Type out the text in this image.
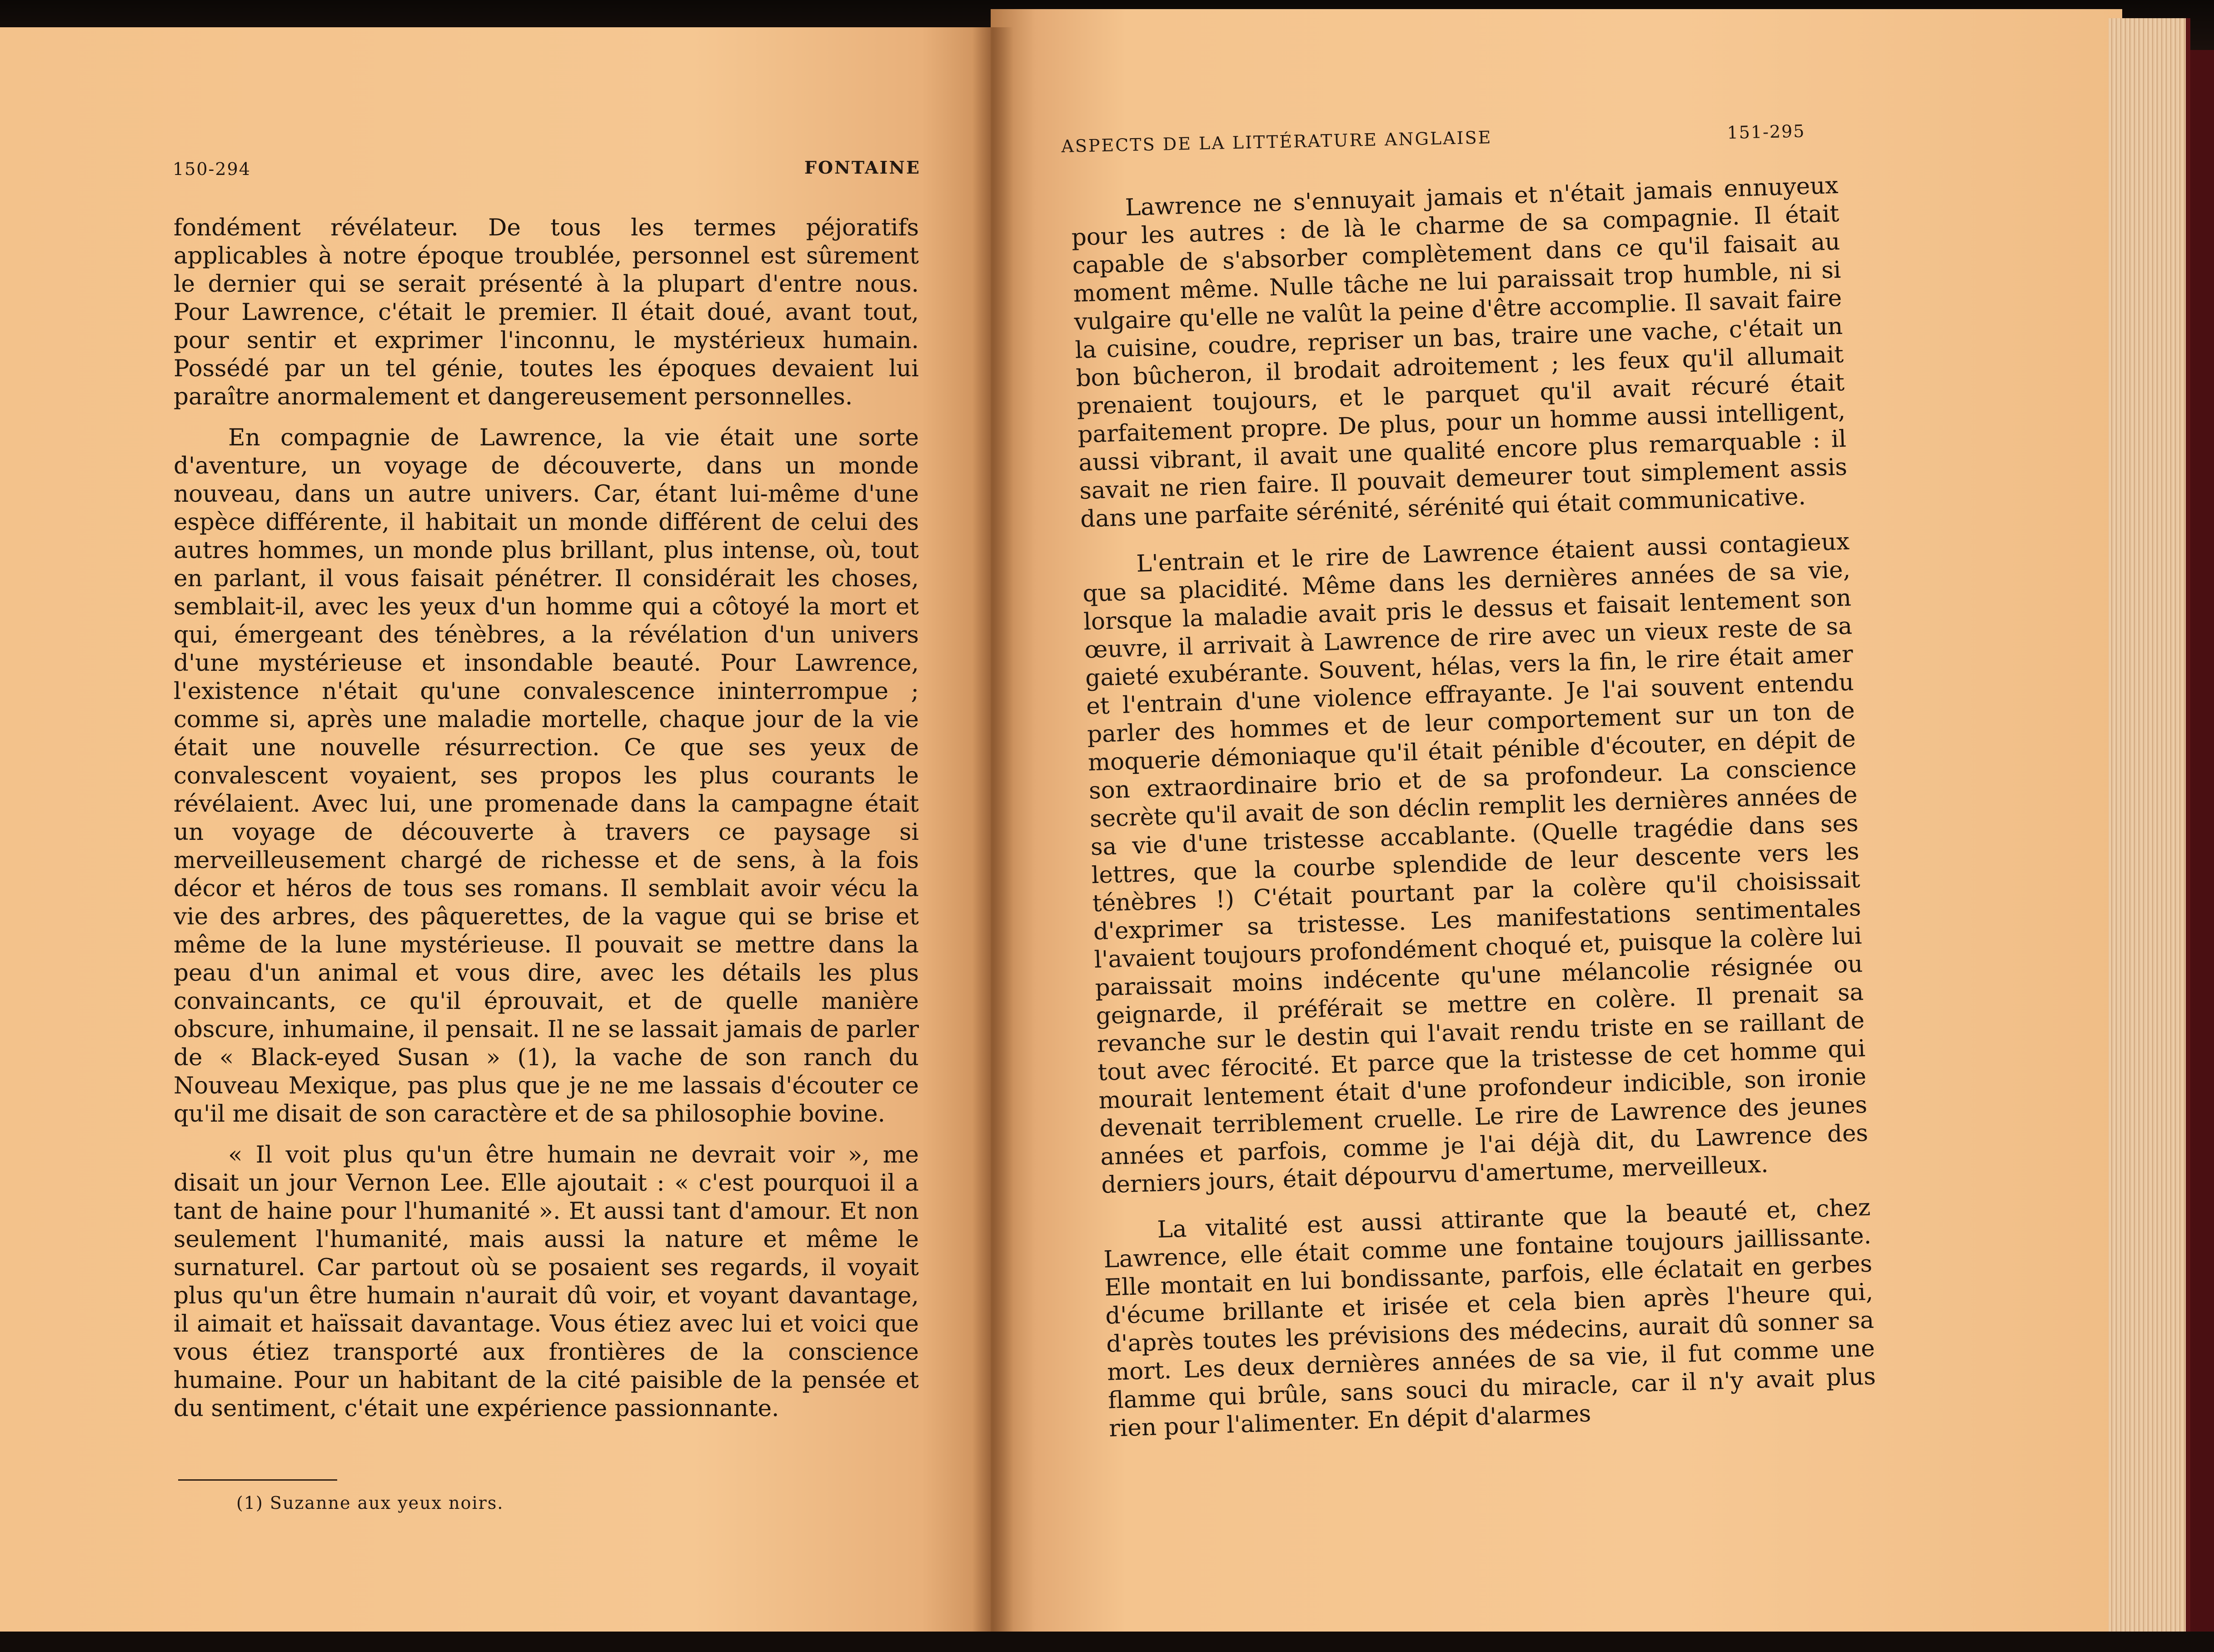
150-294	FONTAINE

fondément révélateur. De tous les termes péjoratifs applicables à notre époque troublée, personnel est sûrement le dernier qui se serait présenté à la plupart d'entre nous. Pour Lawrence, c'était le premier. Il était doué, avant tout, pour sentir et exprimer l'inconnu, le mystérieux humain. Possédé par un tel génie, toutes les époques devaient lui paraître anormalement et dangereusement personnelles.

En compagnie de Lawrence, la vie était une sorte d'aventure, un voyage de découverte, dans un monde nouveau, dans un autre univers. Car, étant lui-même d'une espèce différente, il habitait un monde différent de celui des autres hommes, un monde plus brillant, plus intense, où, tout en parlant, il vous faisait pénétrer. Il considérait les choses, semblait-il, avec les yeux d'un homme qui a côtoyé la mort et qui, émergeant des ténèbres, a la révélation d'un univers d'une mystérieuse et insondable beauté. Pour Lawrence, l'existence n'était qu'une convalescence ininterrompue ; comme si, après une maladie mortelle, chaque jour de la vie était une nouvelle résurrection. Ce que ses yeux de convalescent voyaient, ses propos les plus courants le révélaient. Avec lui, une promenade dans la campagne était un voyage de découverte à travers ce paysage si merveilleusement chargé de richesse et de sens, à la fois décor et héros de tous ses romans. Il semblait avoir vécu la vie des arbres, des pâquerettes, de la vague qui se brise et même de la lune mystérieuse. Il pouvait se mettre dans la peau d'un animal et vous dire, avec les détails les plus convaincants, ce qu'il éprouvait, et de quelle manière obscure, inhumaine, il pensait. Il ne se lassait jamais de parler de « Black-eyed Susan » (1), la vache de son ranch du Nouveau Mexique, pas plus que je ne me lassais d'écouter ce qu'il me disait de son caractère et de sa philosophie bovine.

« Il voit plus qu'un être humain ne devrait voir », me disait un jour Vernon Lee. Elle ajoutait : « c'est pourquoi il a tant de haine pour l'humanité ». Et aussi tant d'amour. Et non seulement l'humanité, mais aussi la nature et même le surnaturel. Car partout où se posaient ses regards, il voyait plus qu'un être humain n'aurait dû voir, et voyant davantage, il aimait et haïssait davantage. Vous étiez avec lui et voici que vous étiez transporté aux frontières de la conscience humaine. Pour un habitant de la cité paisible de la pensée et du sentiment, c'était une expérience passionnante.

(1) Suzanne aux yeux noirs.
ASPECTS DE LA LITTÉRATURE ANGLAISE	151-295

Lawrence ne s'ennuyait jamais et n'était jamais ennuyeux pour les autres : de là le charme de sa compagnie. Il était capable de s'absorber complètement dans ce qu'il faisait au moment même. Nulle tâche ne lui paraissait trop humble, ni si vulgaire qu'elle ne valût la peine d'être accomplie. Il savait faire la cuisine, coudre, repriser un bas, traire une vache, c'était un bon bûcheron, il brodait adroitement ; les feux qu'il allumait prenaient toujours, et le parquet qu'il avait récuré était parfaitement propre. De plus, pour un homme aussi intelligent, aussi vibrant, il avait une qualité encore plus remarquable : il savait ne rien faire. Il pouvait demeurer tout simplement assis dans une parfaite sérénité, sérénité qui était communicative.

L'entrain et le rire de Lawrence étaient aussi contagieux que sa placidité. Même dans les dernières années de sa vie, lorsque la maladie avait pris le dessus et faisait lentement son œuvre, il arrivait à Lawrence de rire avec un vieux reste de sa gaieté exubérante. Souvent, hélas, vers la fin, le rire était amer et l'entrain d'une violence effrayante. Je l'ai souvent entendu parler des hommes et de leur comportement sur un ton de moquerie démoniaque qu'il était pénible d'écouter, en dépit de son extraordinaire brio et de sa profondeur. La conscience secrète qu'il avait de son déclin remplit les dernières années de sa vie d'une tristesse accablante. (Quelle tragédie dans ses lettres, que la courbe splendide de leur descente vers les ténèbres !) C'était pourtant par la colère qu'il choisissait d'exprimer sa tristesse. Les manifestations sentimentales l'avaient toujours profondément choqué et, puisque la colère lui paraissait moins indécente qu'une mélancolie résignée ou geignarde, il préférait se mettre en colère. Il prenait sa revanche sur le destin qui l'avait rendu triste en se raillant de tout avec férocité. Et parce que la tristesse de cet homme qui mourait lentement était d'une profondeur indicible, son ironie devenait terriblement cruelle. Le rire de Lawrence des jeunes années et parfois, comme je l'ai déjà dit, du Lawrence des derniers jours, était dépourvu d'amertume, merveilleux.

La vitalité est aussi attirante que la beauté et, chez Lawrence, elle était comme une fontaine toujours jaillissante. Elle montait en lui bondissante, parfois, elle éclatait en gerbes d'écume brillante et irisée et cela bien après l'heure qui, d'après toutes les prévisions des médecins, aurait dû sonner sa mort. Les deux dernières années de sa vie, il fut comme une flamme qui brûle, sans souci du miracle, car il n'y avait plus rien pour l'alimenter. En dépit d'alarmes
